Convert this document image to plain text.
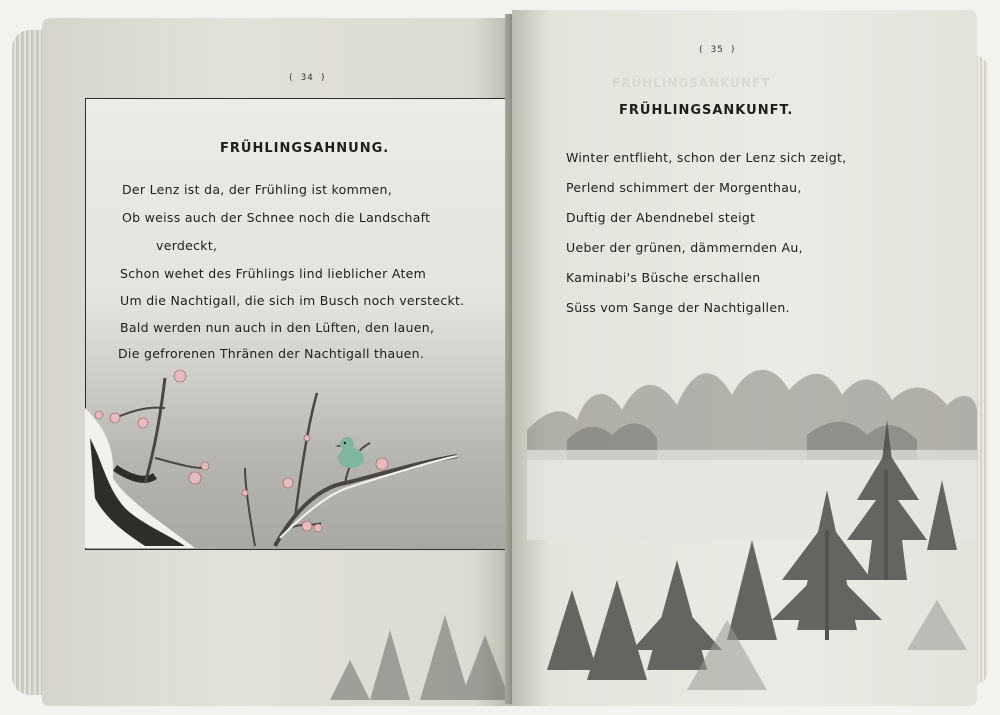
( 34 )
FRÜHLINGSAHNUNG.
Der Lenz ist da, der Frühling ist kommen,
Ob weiss auch der Schnee noch die Landschaft
verdeckt,
Schon wehet des Frühlings lind lieblicher Atem
Um die Nachtigall, die sich im Busch noch versteckt.
Bald werden nun auch in den Lüften, den lauen,
Die gefrorenen Thränen der Nachtigall thauen.
FRÜHLINGSANKUNFT
( 35 )
FRÜHLINGSANKUNFT.
Winter entflieht, schon der Lenz sich zeigt,
Perlend schimmert der Morgenthau,
Duftig der Abendnebel steigt
Ueber der grünen, dämmernden Au,
Kaminabi's Büsche erschallen
Süss vom Sange der Nachtigallen.
